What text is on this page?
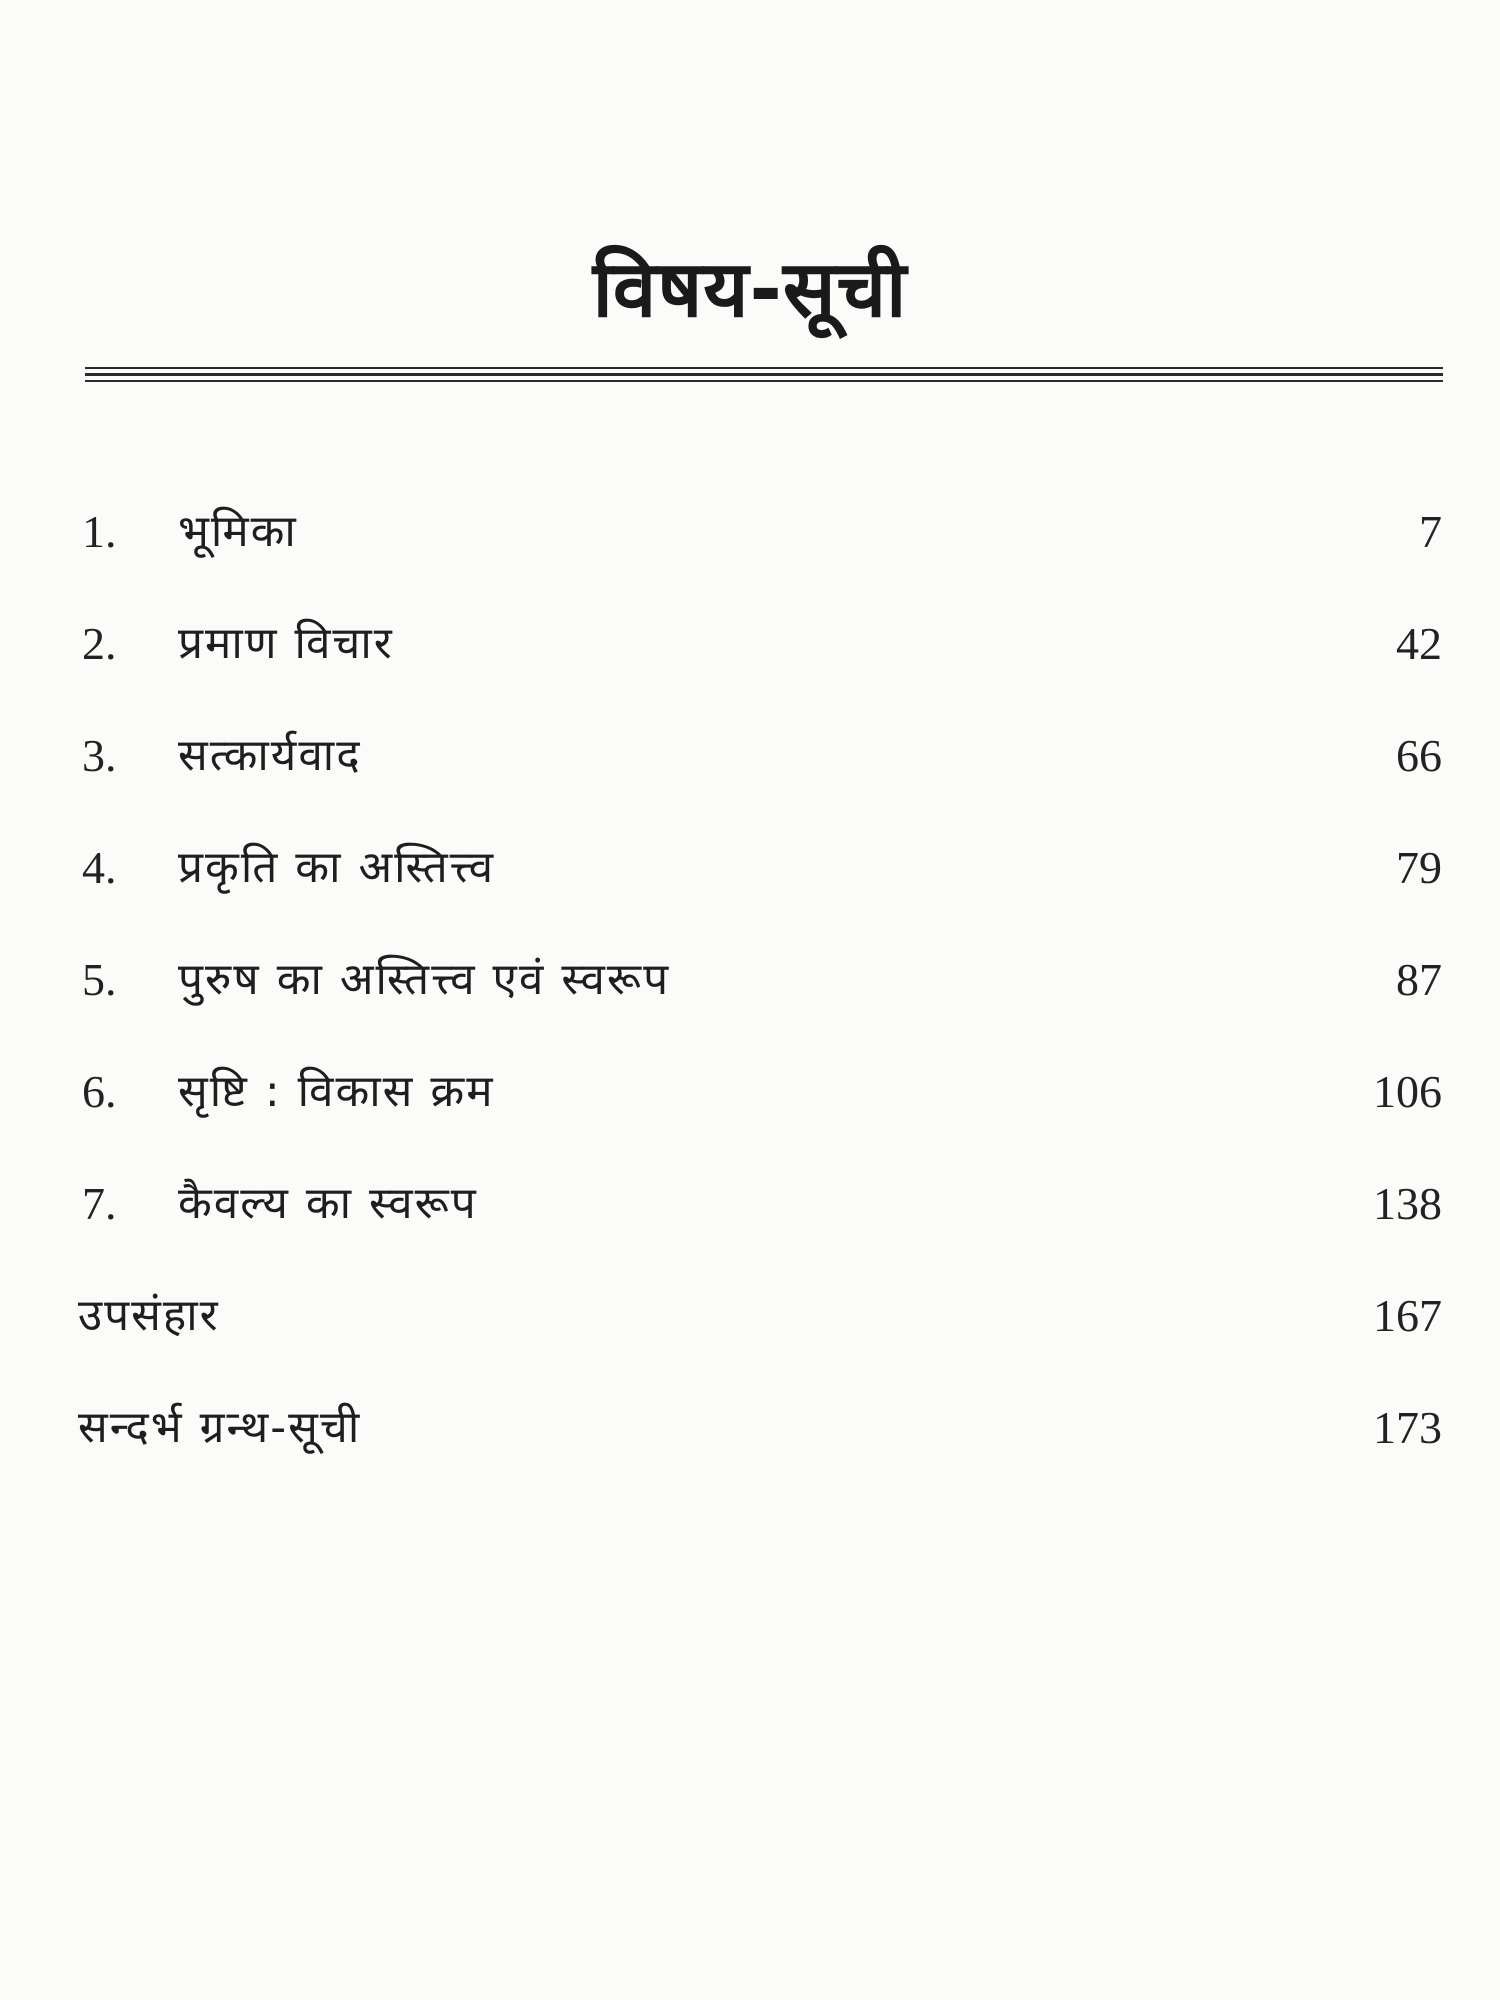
विषय-सूची
1. भूमिका	7
2. प्रमाण विचार	42
3. सत्कार्यवाद	66
4. प्रकृति का अस्तित्त्व	79
5. पुरुष का अस्तित्त्व एवं स्वरूप	87
6. सृष्टि : विकास क्रम	106
7. कैवल्य का स्वरूप	138
उपसंहार	167
सन्दर्भ ग्रन्थ-सूची	173
